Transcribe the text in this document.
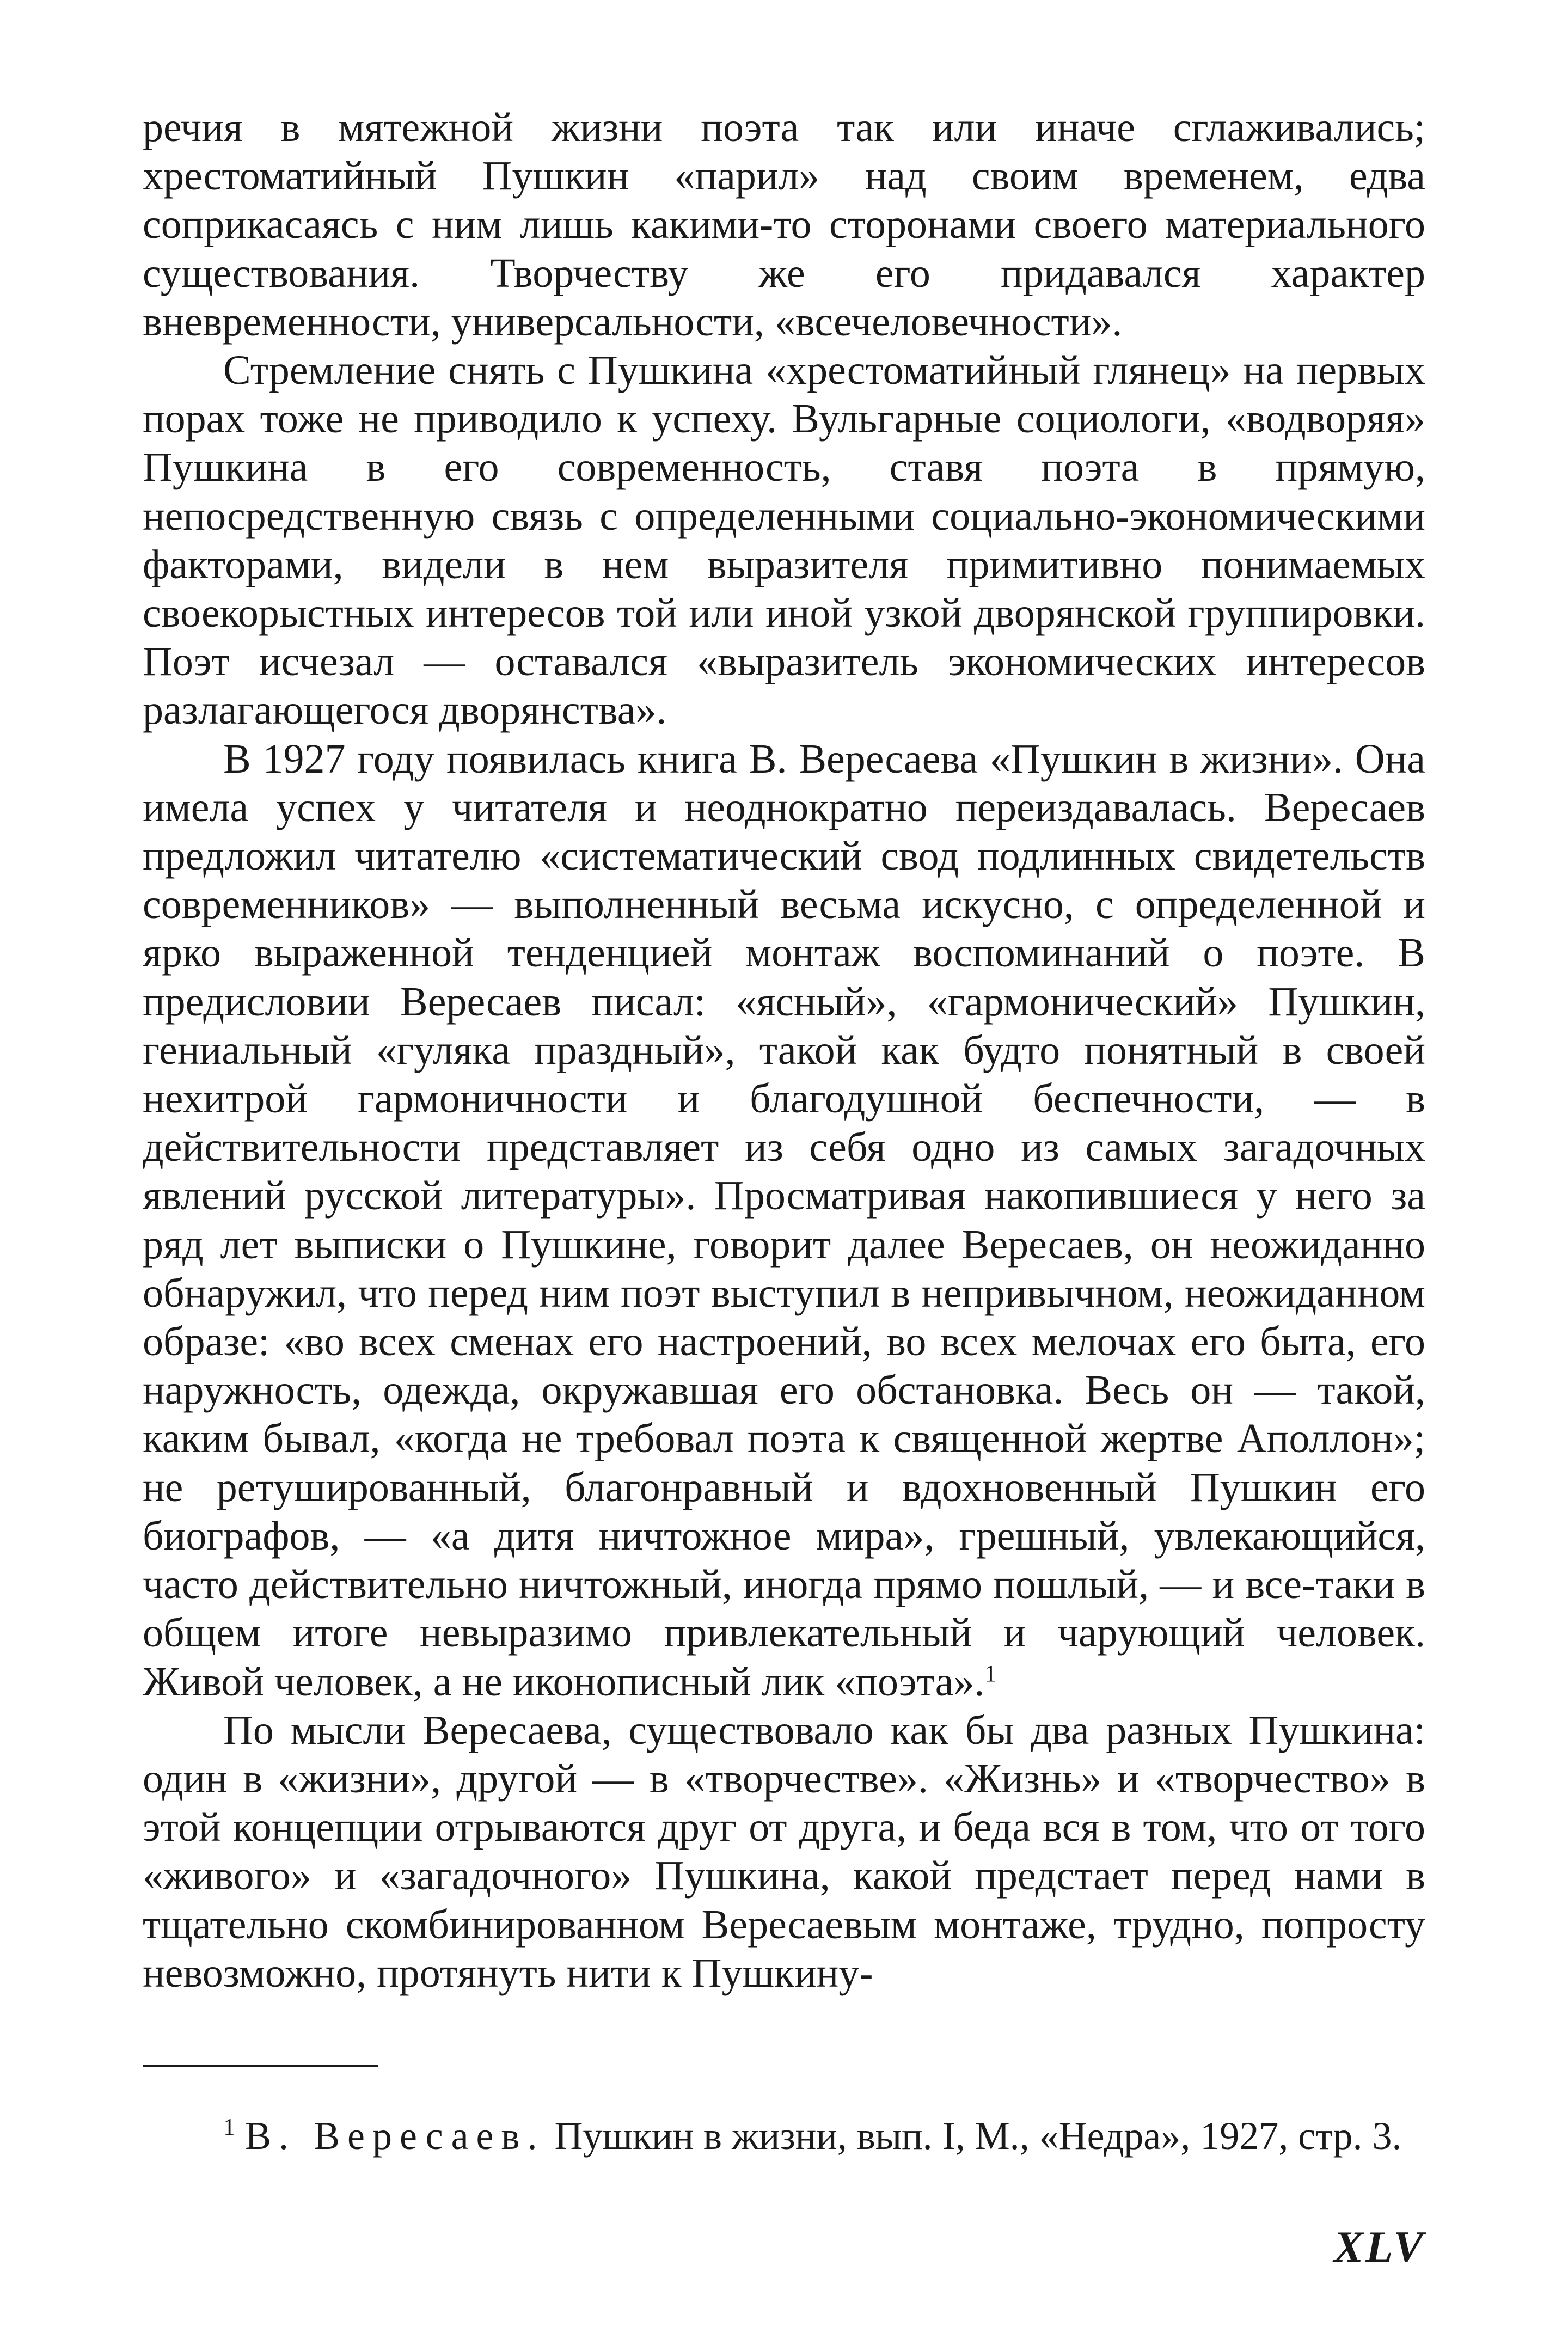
речия в мятежной жизни поэта так или иначе сглаживались; хрестоматийный Пушкин «парил» над своим временем, едва соприкасаясь с ним лишь какими-то сторонами своего материального существования. Творчеству же его придавался характер вневременности, универсальности, «всечеловечности».

Стремление снять с Пушкина «хрестоматийный глянец» на первых порах тоже не приводило к успеху. Вульгарные социологи, «водворяя» Пушкина в его современность, ставя поэта в прямую, непосредственную связь с определенными социально-экономическими факторами, видели в нем выразителя примитивно понимаемых своекорыстных интересов той или иной узкой дворянской группировки. Поэт исчезал — оставался «выразитель экономических интересов разлагающегося дворянства».

В 1927 году появилась книга В. Вересаева «Пушкин в жизни». Она имела успех у читателя и неоднократно переиздавалась. Вересаев предложил читателю «систематический свод подлинных свидетельств современников» — выполненный весьма искусно, с определенной и ярко выраженной тенденцией монтаж воспоминаний о поэте. В предисловии Вересаев писал: «ясный», «гармонический» Пушкин, гениальный «гуляка праздный», такой как будто понятный в своей нехитрой гармоничности и благодушной беспечности, — в действительности представляет из себя одно из самых загадочных явлений русской литературы». Просматривая накопившиеся у него за ряд лет выписки о Пушкине, говорит далее Вересаев, он неожиданно обнаружил, что перед ним поэт выступил в непривычном, неожиданном образе: «во всех сменах его настроений, во всех мелочах его быта, его наружность, одежда, окружавшая его обстановка. Весь он — такой, каким бывал, «когда не требовал поэта к священной жертве Аполлон»; не ретушированный, благонравный и вдохновенный Пушкин его биографов, — «а дитя ничтожное мира», грешный, увлекающийся, часто действительно ничтожный, иногда прямо пошлый, — и все-таки в общем итоге невыразимо привлекательный и чарующий человек. Живой человек, а не иконописный лик «поэта».$^1$

По мысли Вересаева, существовало как бы два разных Пушкина: один в «жизни», другой — в «творчестве». «Жизнь» и «творчество» в этой концепции отрываются друг от друга, и беда вся в том, что от того «живого» и «загадочного» Пушкина, какой предстает перед нами в тщательно скомбинированном Вересаевым монтаже, трудно, попросту невозможно, протянуть нити к Пушкину-

$^1$ В. Вересаев. Пушкин в жизни, вып. I, М., «Недра», 1927, стр. 3.

XLV
